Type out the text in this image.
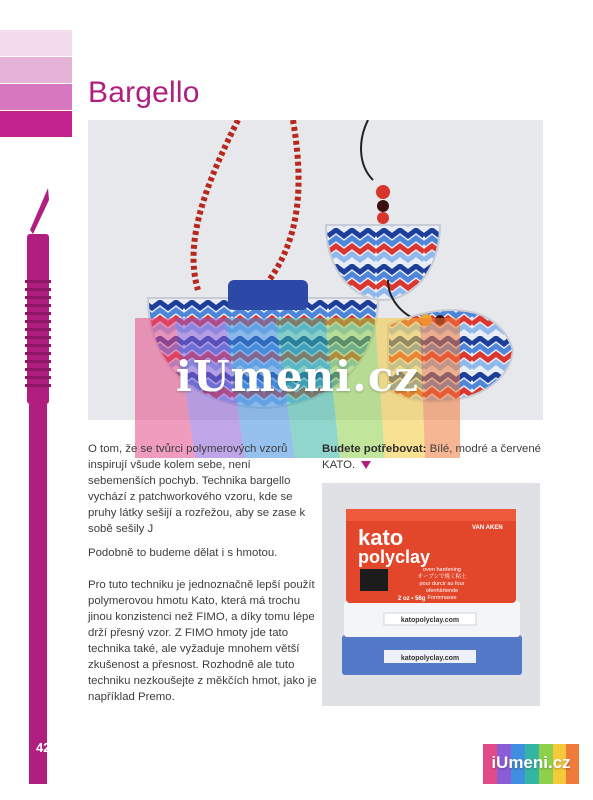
Bargello
iUmeni.cz

O tom, že se tvůrci polymerových vzorů inspirují všude kolem sebe, není sebemenších pochyb. Technika bargello vychází z patchworkového vzoru, kde se pruhy látky sešijí a rozřežou, aby se zase k sobě sešily J

Podobně to budeme dělat i s hmotou.

Pro tuto techniku je jednoznačně lepší použít polymerovou hmotu Kato, která má trochu jinou konzistenci než FIMO, a díky tomu lépe drží přesný vzor. Z FIMO hmoty jde tato technika také, ale vyžaduje mnohem větší zkušenost a přesnost. Rozhodně ale tuto techniku nezkoušejte z měkčích hmot, jako je například Premo.

Budete potřebovat: Bílé, modré a červené KATO.

katopolyclay.com
katopolyclay.com
kato
polyclay
VAN AKEN
oven hardening
オーブンで焼く粘土
pour durcir au four
ofenhärtende
Formmasse
2 oz • 56g
42
iUmeni.cz
